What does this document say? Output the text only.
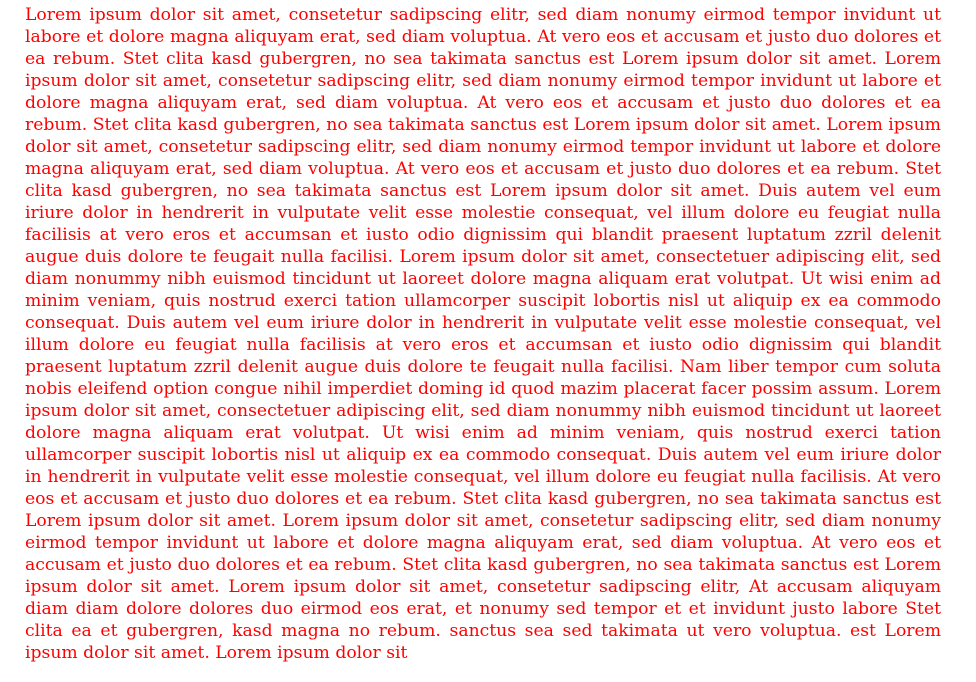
Lorem ipsum dolor sit amet, consetetur sadipscing elitr, sed diam nonumy eirmod tempor invidunt ut labore et dolore magna aliquyam erat, sed diam voluptua. At vero eos et accusam et justo duo dolores et ea rebum. Stet clita kasd gubergren, no sea takimata sanctus est Lorem ipsum dolor sit amet. Lorem ipsum dolor sit amet, consetetur sadipscing elitr, sed diam nonumy eirmod tempor invidunt ut labore et dolore magna aliquyam erat, sed diam voluptua. At vero eos et accusam et justo duo dolores et ea rebum. Stet clita kasd gubergren, no sea takimata sanctus est Lorem ipsum dolor sit amet. Lorem ipsum dolor sit amet, consetetur sadipscing elitr, sed diam nonumy eirmod tempor invidunt ut labore et dolore magna aliquyam erat, sed diam voluptua. At vero eos et accusam et justo duo dolores et ea rebum. Stet clita kasd gubergren, no sea takimata sanctus est Lorem ipsum dolor sit amet. Duis autem vel eum iriure dolor in hendrerit in vulputate velit esse molestie consequat, vel illum dolore eu feugiat nulla facilisis at vero eros et accumsan et iusto odio dignissim qui blandit praesent luptatum zzril delenit augue duis dolore te feugait nulla facilisi. Lorem ipsum dolor sit amet, consectetuer adipiscing elit, sed diam nonummy nibh euismod tincidunt ut laoreet dolore magna aliquam erat volutpat. Ut wisi enim ad minim veniam, quis nostrud exerci tation ullamcorper suscipit lobortis nisl ut aliquip ex ea commodo consequat. Duis autem vel eum iriure dolor in hendrerit in vulputate velit esse molestie consequat, vel illum dolore eu feugiat nulla facilisis at vero eros et accumsan et iusto odio dignissim qui blandit praesent luptatum zzril delenit augue duis dolore te feugait nulla facilisi. Nam liber tempor cum soluta nobis eleifend option congue nihil imperdiet doming id quod mazim placerat facer possim assum. Lorem ipsum dolor sit amet, consectetuer adipiscing elit, sed diam nonummy nibh euismod tincidunt ut laoreet dolore magna aliquam erat volutpat. Ut wisi enim ad minim veniam, quis nostrud exerci tation ullamcorper suscipit lobortis nisl ut aliquip ex ea commodo consequat. Duis autem vel eum iriure dolor in hendrerit in vulputate velit esse molestie consequat, vel illum dolore eu feugiat nulla facilisis. At vero eos et accusam et justo duo dolores et ea rebum. Stet clita kasd gubergren, no sea takimata sanctus est Lorem ipsum dolor sit amet. Lorem ipsum dolor sit amet, consetetur sadipscing elitr, sed diam nonumy eirmod tempor invidunt ut labore et dolore magna aliquyam erat, sed diam voluptua. At vero eos et accusam et justo duo dolores et ea rebum. Stet clita kasd gubergren, no sea takimata sanctus est Lorem ipsum dolor sit amet. Lorem ipsum dolor sit amet, consetetur sadipscing elitr, At accusam aliquyam diam diam dolore dolores duo eirmod eos erat, et nonumy sed tempor et et invidunt justo labore Stet clita ea et gubergren, kasd magna no rebum. sanctus sea sed takimata ut vero voluptua. est Lorem ipsum dolor sit amet. Lorem ipsum dolor sit
